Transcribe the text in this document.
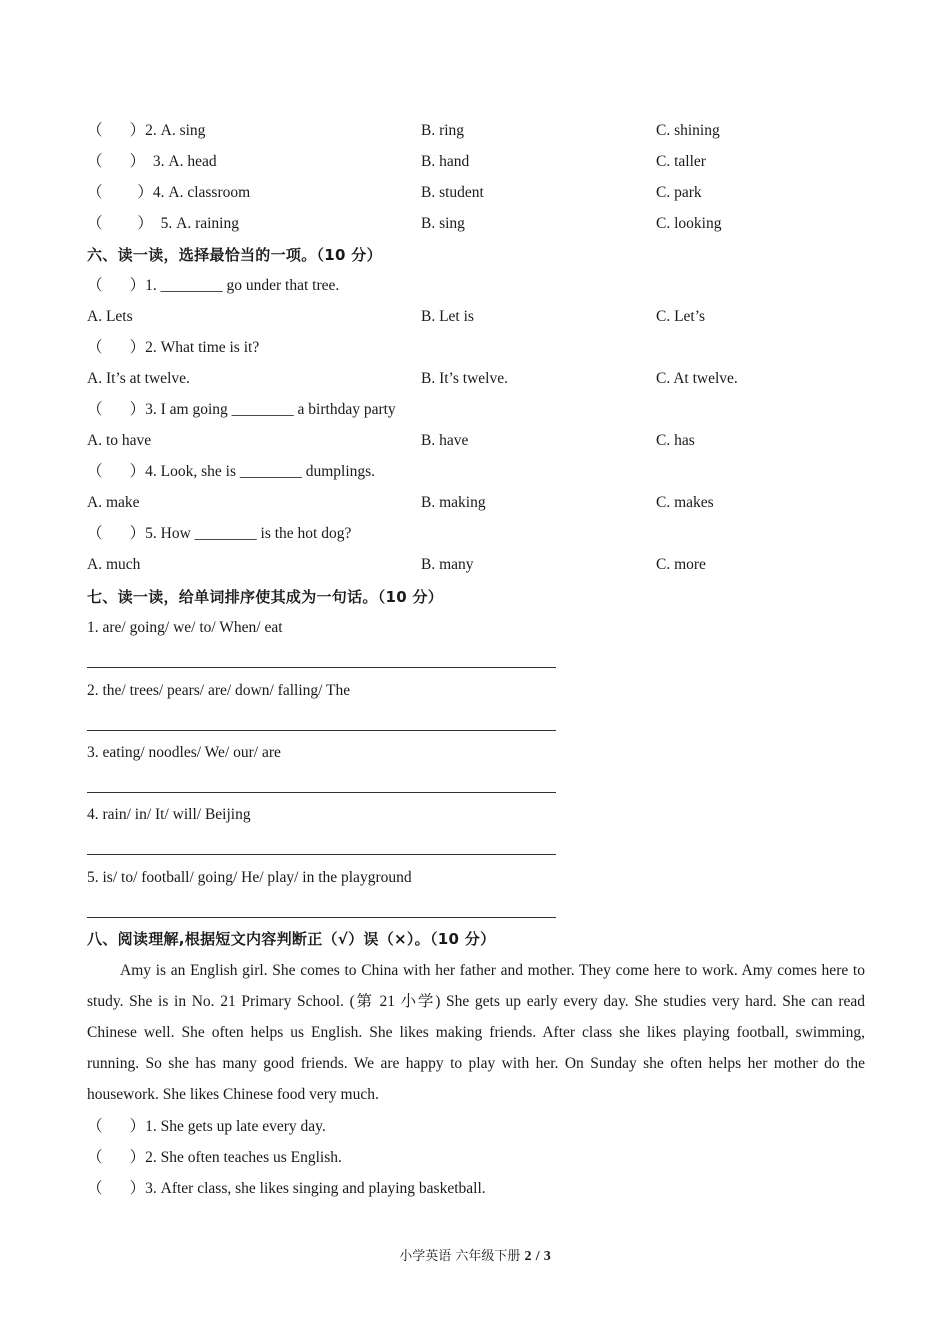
（       ）2. A. sing	B. ring	C. shining
（       ）  3. A. head	B. hand	C. taller
（         ）4. A. classroom	B. student	C. park
（         ）  5. A. raining	B. sing	C. looking
六、读一读，选择最恰当的一项。（10 分）
（       ）1. ________ go under that tree.
A. Lets	B. Let is	C. Let’s
（       ）2. What time is it?
A. It’s at twelve.	B. It’s twelve.	C. At twelve.
（       ）3. I am going ________ a birthday party
A. to have	B. have	C. has
（       ）4. Look, she is ________ dumplings.
A. make	B. making	C. makes
（       ）5. How ________ is the hot dog?
A. much	B. many	C. more
七、读一读，给单词排序使其成为一句话。（10 分）
1. are/ going/ we/ to/ When/ eat
2. the/ trees/ pears/ are/ down/ falling/ The
3. eating/ noodles/ We/ our/ are
4. rain/ in/ It/ will/ Beijing
5. is/ to/ football/ going/ He/ play/ in the playground
八、阅读理解,根据短文内容判断正（√）误（×）。（10 分）
Amy is an English girl. She comes to China with her father and mother. They come here to work. Amy comes here to study. She is in No. 21 Primary School. (第 21 小学) She gets up early every day. She studies very hard. She can read Chinese well. She often helps us English. She likes making friends. After class she likes playing football, swimming, running. So she has many good friends. We are happy to play with her. On Sunday she often helps her mother do the housework. She likes Chinese food very much.
（       ）1. She gets up late every day.
（       ）2. She often teaches us English.
（       ）3. After class, she likes singing and playing basketball.
小学英语 六年级下册 2 / 3
